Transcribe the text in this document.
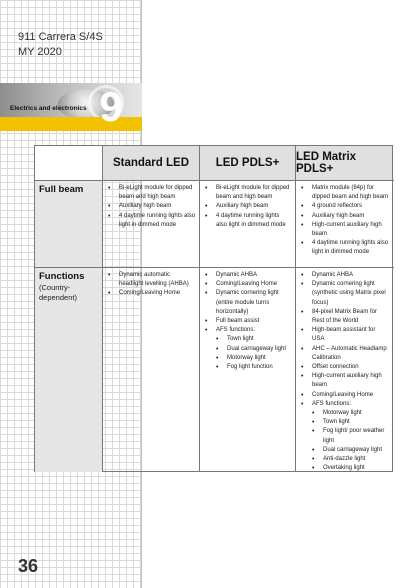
911 Carrera S/4S
MY 2020
Electrics and electronics 9
Standard LED	LED PDLS+	LED Matrix PDLS+
Full beam
•	Bi-eLight module for dipped beam and high beam
• Auxiliary high beam
• 4 daytime running lights also light in dimmed mode
• Bi-eLight module for dipped beam and high beam
• Auxiliary high beam
• 4 daytime running lights also light in dimmed mode
• Matrix module (84p) for dipped beam and high beam
• 4 ground reflectors
• Auxiliary high beam
• High-current auxiliary high beam
• 4 daytime running lights also light in dimmed mode
Functions
(Country-dependent)
• Dynamic automatic headlight levelling (AHBA)
• Coming/Leaving Home
• Dynamic AHBA
• Coming/Leaving Home
• Dynamic cornering light (entire module turns horizontally)
• Full beam assist
• AFS functions:
• Town light
• Dual carriageway light
• Motorway light
• Fog light function
• Dynamic AHBA
• Dynamic cornering light (synthetic using Matrix pixel focus)
• 84-pixel Matrix Beam for Rest of the World
• High-beam assistant for USA
• AHC – Automatic Headlamp Calibration
• Offset connection
• High-current auxiliary high beam
• Coming/Leaving Home
• AFS functions:
• Motorway light
• Town light
• Fog light/ poor weather light
• Dual carriageway light
• Anti-dazzle light
• Overtaking light
36
